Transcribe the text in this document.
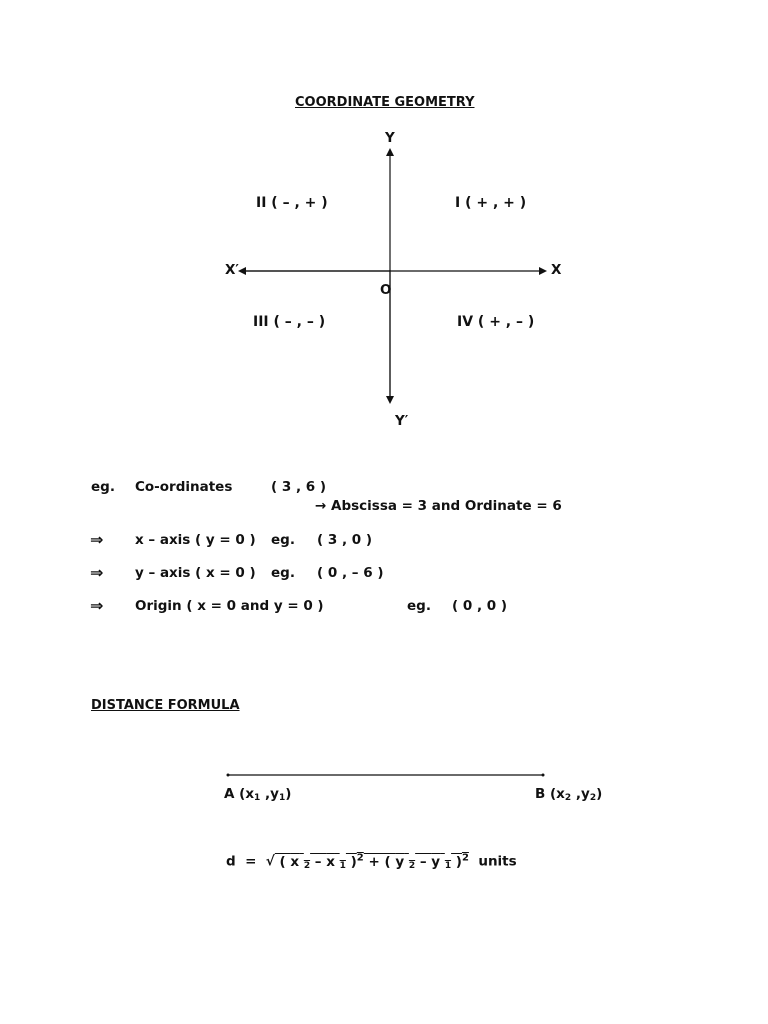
COORDINATE GEOMETRY
Y
Y′
X
X′
O
I ( + , + )
II ( – , + )
III ( – , – )	IV ( + , – )
eg. Co-ordinates	( 3 , 6 )
→ Abscissa = 3 and Ordinate = 6
⇒ x – axis ( y = 0 ) eg. ( 3 , 0 )
⇒ y – axis ( x = 0 ) eg. ( 0 , – 6 )
⇒ Origin ( x = 0 and y = 0 )	eg. ( 0 , 0 )
DISTANCE FORMULA
A ($x_1$ $,y_1$)	B ($x_2$ $,y_2$)
d = √ ( x $_2$ – x $_1$ )$^2$ + ( y $_2$ – y $_1$ )$^2$ units
